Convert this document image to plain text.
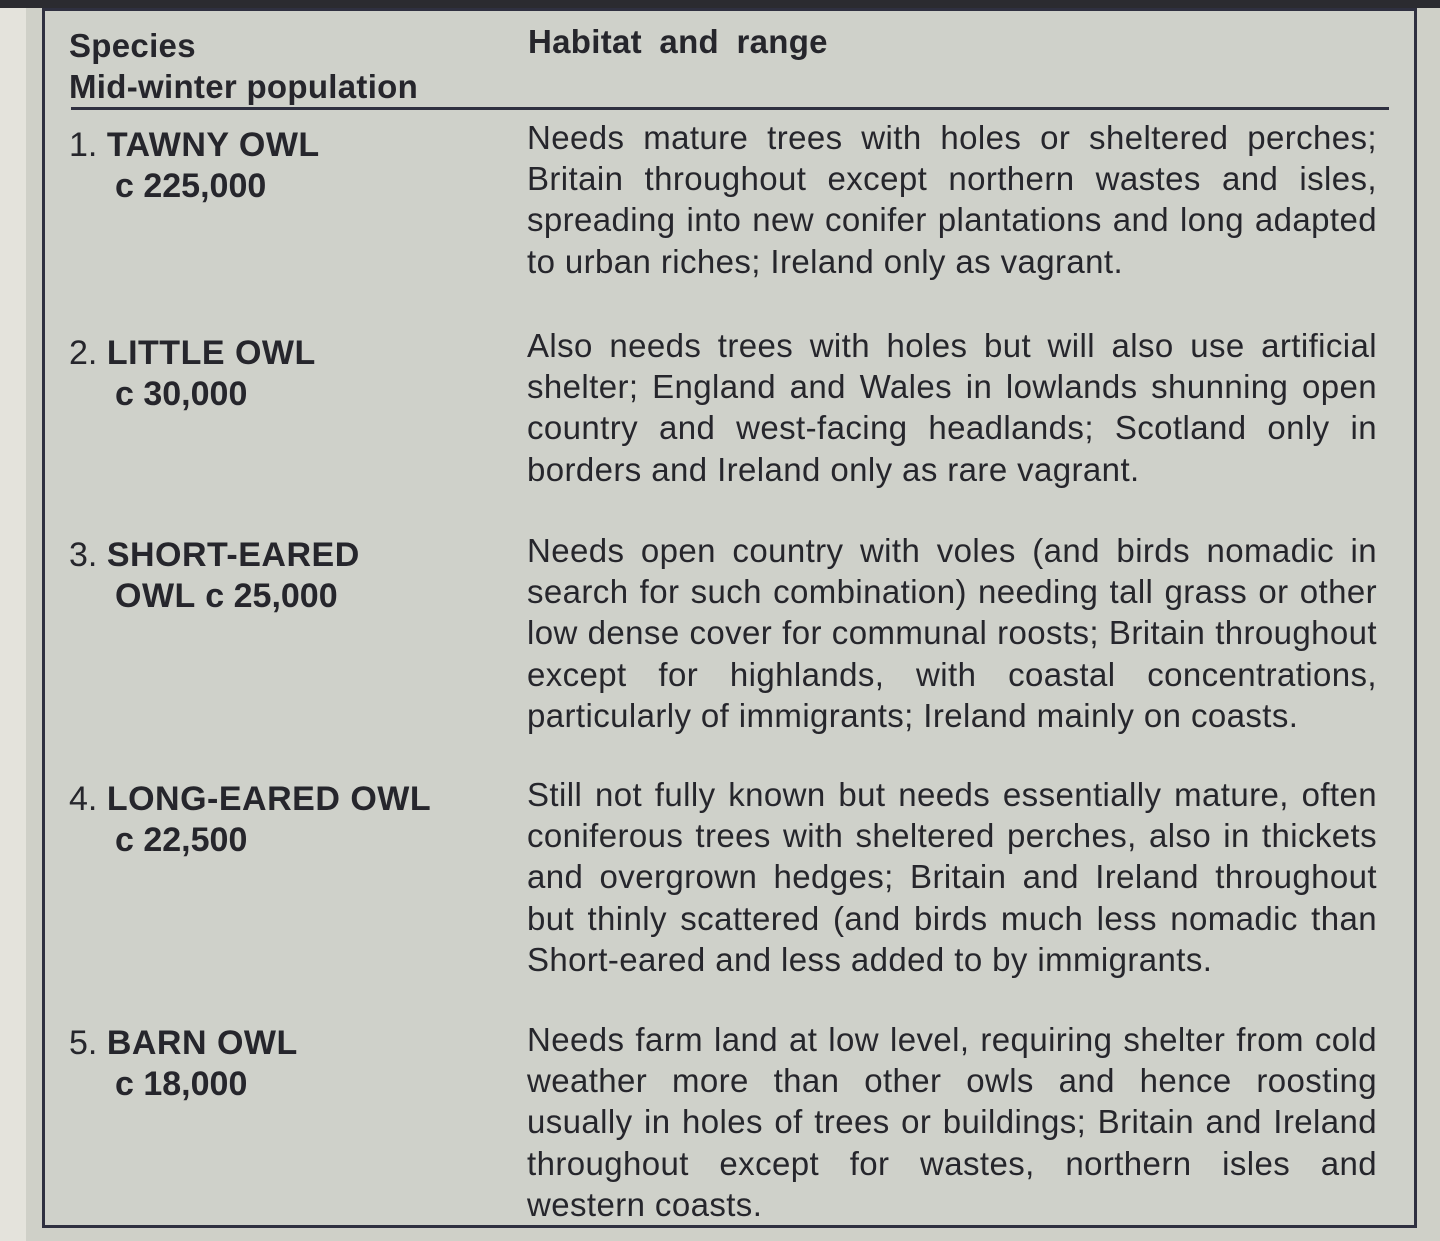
Species
Mid-winter population
Habitat and range
1. TAWNY OWL
c 225,000

Needs mature trees with holes or sheltered perches; Britain throughout except northern wastes and isles, spreading into new conifer plantations and long adapted to urban riches; Ireland only as vagrant.

2. LITTLE OWL
c 30,000

Also needs trees with holes but will also use artificial shelter; England and Wales in lowlands shunning open country and west-facing headlands; Scotland only in borders and Ireland only as rare vagrant.

3. SHORT-EARED
OWL c 25,000

Needs open country with voles (and birds nomadic in search for such combination) needing tall grass or other low dense cover for communal roosts; Britain throughout except for highlands, with coastal concentrations, particularly of immigrants; Ireland mainly on coasts.

4. LONG-EARED OWL
c 22,500

Still not fully known but needs essentially mature, often coniferous trees with sheltered perches, also in thickets and overgrown hedges; Britain and Ireland throughout but thinly scattered (and birds much less nomadic than Short-eared and less added to by immigrants.

5. BARN OWL
c 18,000

Needs farm land at low level, requiring shelter from cold weather more than other owls and hence roosting usually in holes of trees or buildings; Britain and Ireland throughout except for wastes, northern isles and western coasts.
